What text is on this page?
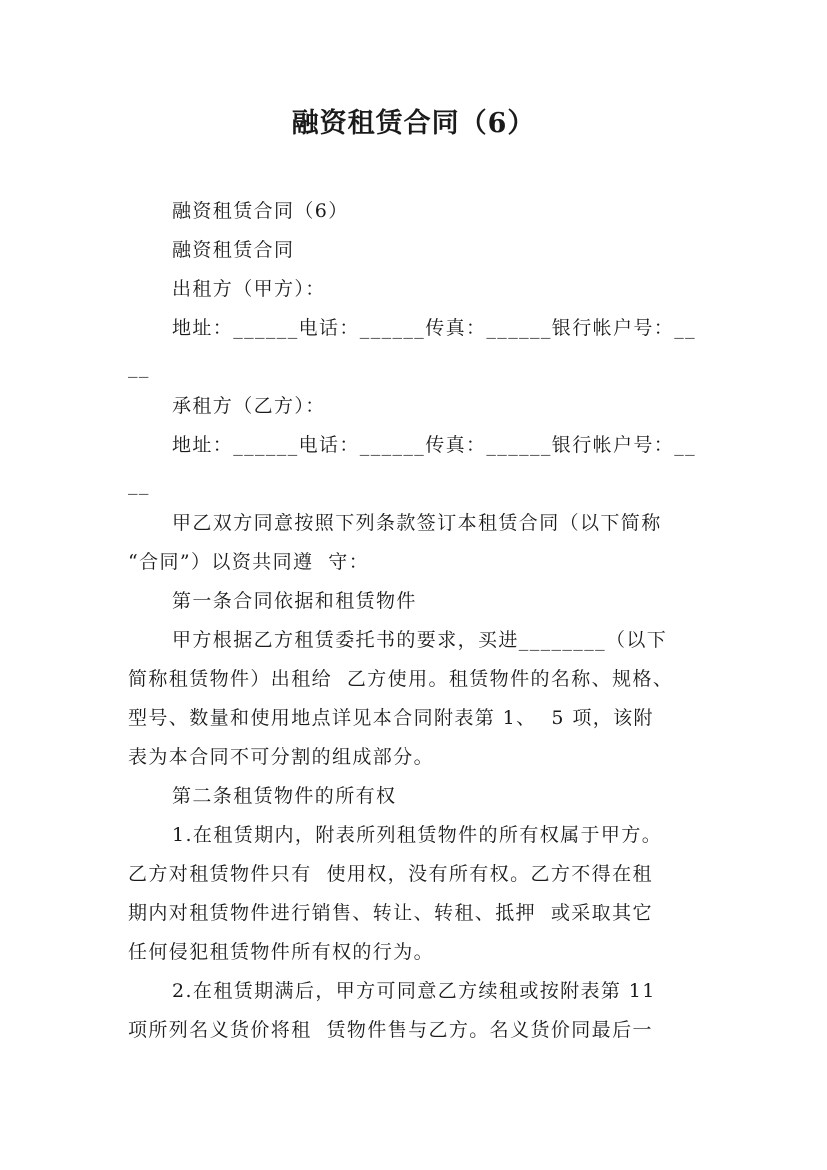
融资租赁合同（6）
融资租赁合同（6）
融资租赁合同
出租方（甲方）：
地址：______电话：______传真：______银行帐户号：__
__
承租方（乙方）：
地址：______电话：______传真：______银行帐户号：__
__
甲乙双方同意按照下列条款签订本租赁合同（以下简称
“合同”）以资共同遵  守：
第一条合同依据和租赁物件
甲方根据乙方租赁委托书的要求，买进________（以下
简称租赁物件）出租给  乙方使用。租赁物件的名称、规格、
型号、数量和使用地点详见本合同附表第 1、  5 项，该附
表为本合同不可分割的组成部分。
第二条租赁物件的所有权
1.在租赁期内，附表所列租赁物件的所有权属于甲方。
乙方对租赁物件只有  使用权，没有所有权。乙方不得在租
期内对租赁物件进行销售、转让、转租、抵押  或采取其它
任何侵犯租赁物件所有权的行为。
2.在租赁期满后，甲方可同意乙方续租或按附表第 11
项所列名义货价将租  赁物件售与乙方。名义货价同最后一
